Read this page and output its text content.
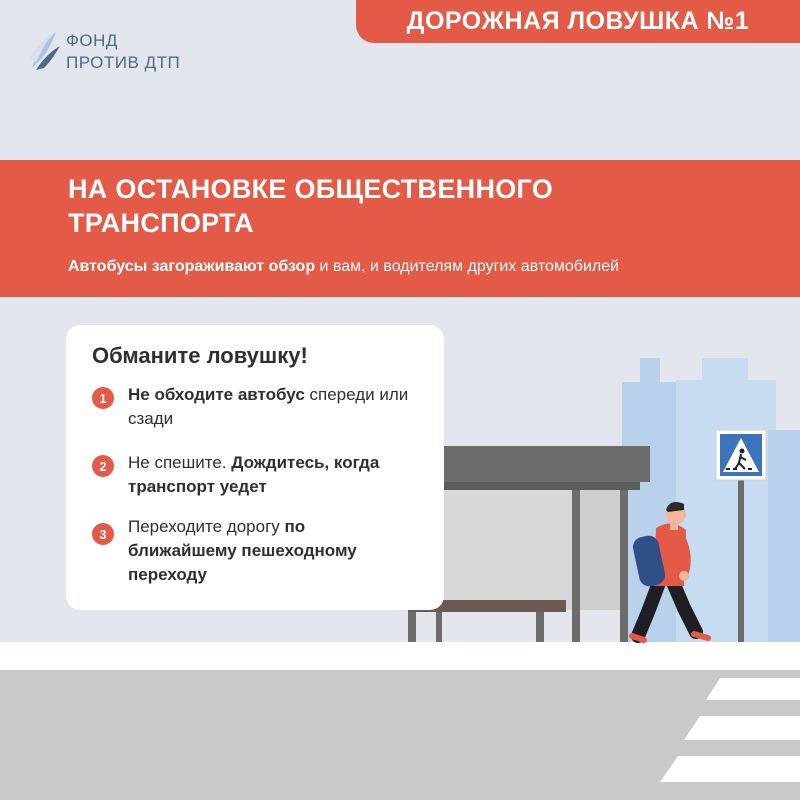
ДОРОЖНАЯ ЛОВУШКА №1
ФОНД
ПРОТИВ ДТП
НА ОСТАНОВКЕ ОБЩЕСТВЕННОГО
ТРАНСПОРТА
Автобусы загораживают обзор и вам, и водителям других автомобилей
Обманите ловушку!
1	Не обходите автобус спереди или сзади
2	Не спешите. Дождитесь, когда транспорт уедет
3	Переходите дорогу по ближайшему пешеходному переходу
